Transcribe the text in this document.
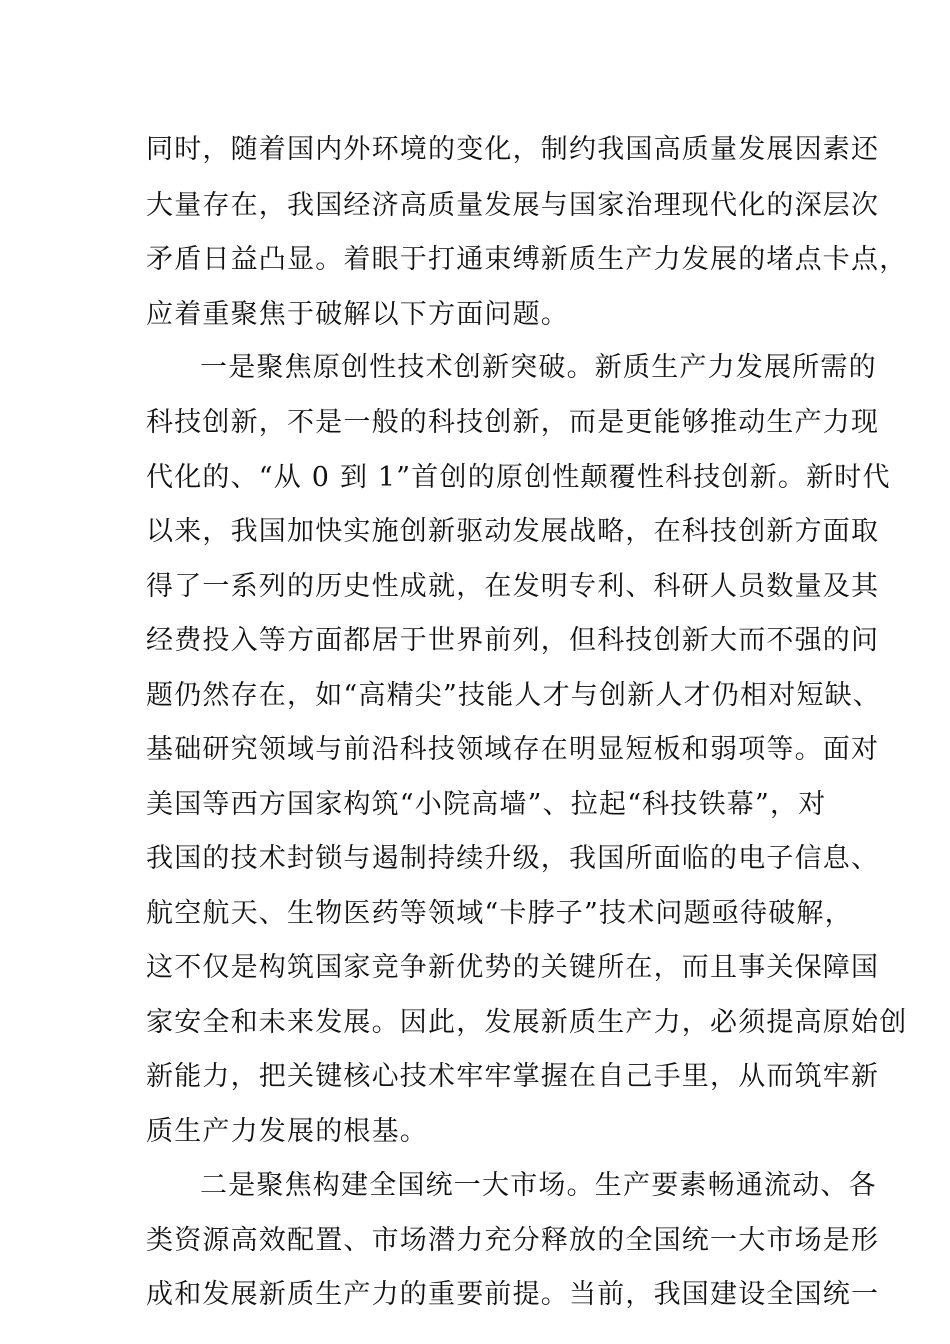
同时，随着国内外环境的变化，制约我国高质量发展因素还
大量存在，我国经济高质量发展与国家治理现代化的深层次
矛盾日益凸显。着眼于打通束缚新质生产力发展的堵点卡点，
应着重聚焦于破解以下方面问题。
一是聚焦原创性技术创新突破。新质生产力发展所需的
科技创新，不是一般的科技创新，而是更能够推动生产力现
代化的、“从 0 到 1”首创的原创性颠覆性科技创新。新时代
以来，我国加快实施创新驱动发展战略，在科技创新方面取
得了一系列的历史性成就，在发明专利、科研人员数量及其
经费投入等方面都居于世界前列，但科技创新大而不强的问
题仍然存在，如“高精尖”技能人才与创新人才仍相对短缺、
基础研究领域与前沿科技领域存在明显短板和弱项等。面对
美国等西方国家构筑“小院高墙”、拉起“科技铁幕”，对
我国的技术封锁与遏制持续升级，我国所面临的电子信息、
航空航天、生物医药等领域“卡脖子”技术问题亟待破解，
这不仅是构筑国家竞争新优势的关键所在，而且事关保障国
家安全和未来发展。因此，发展新质生产力，必须提高原始创
新能力，把关键核心技术牢牢掌握在自己手里，从而筑牢新
质生产力发展的根基。
二是聚焦构建全国统一大市场。生产要素畅通流动、各
类资源高效配置、市场潜力充分释放的全国统一大市场是形
成和发展新质生产力的重要前提。当前，我国建设全国统一
